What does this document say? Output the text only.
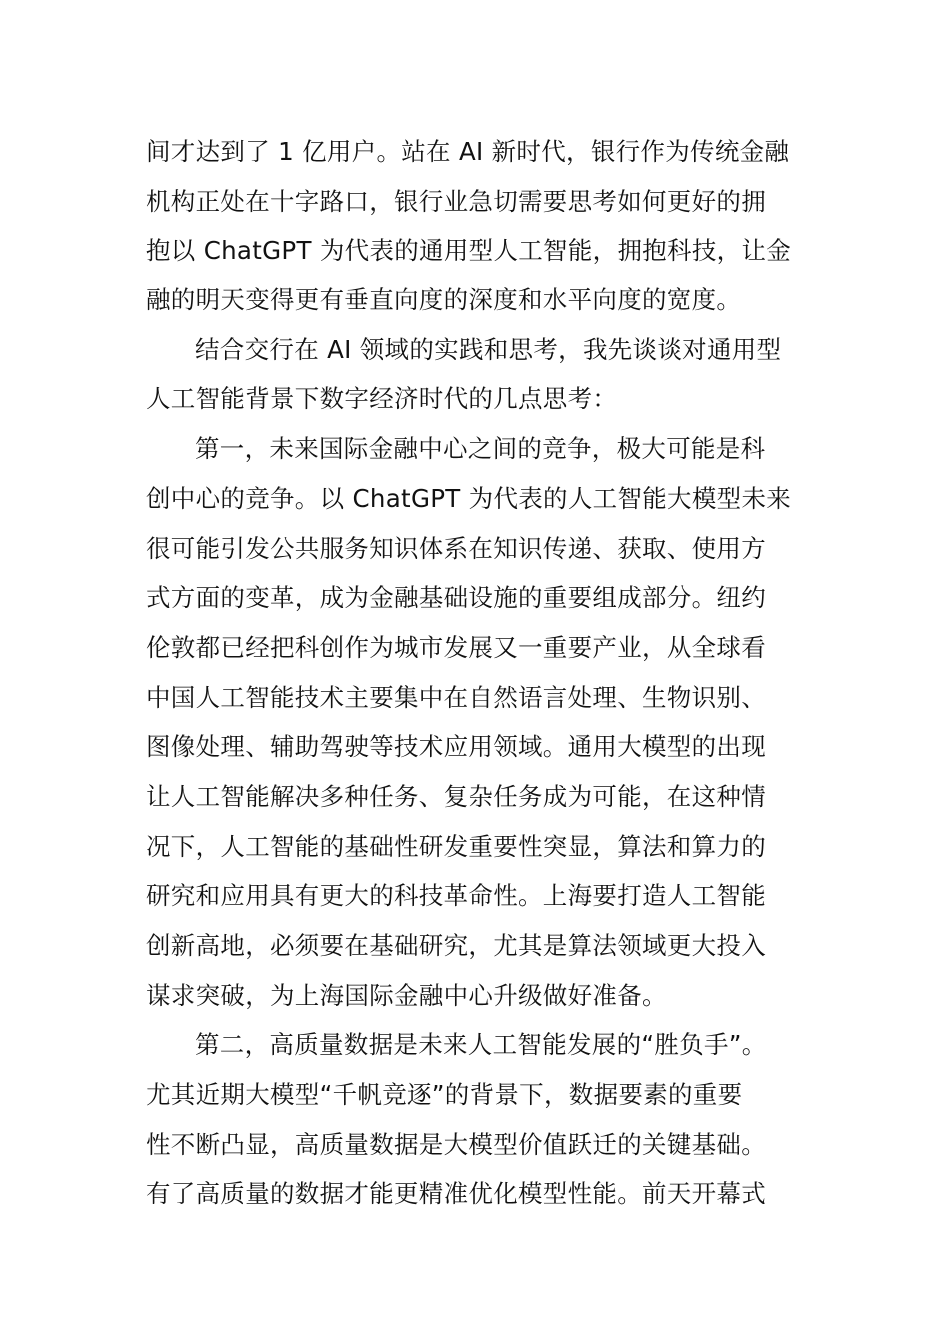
间才达到了 1 亿用户。站在 AI 新时代，银行作为传统金融
机构正处在十字路口，银行业急切需要思考如何更好的拥
抱以 ChatGPT 为代表的通用型人工智能，拥抱科技，让金
融的明天变得更有垂直向度的深度和水平向度的宽度。
结合交行在 AI 领域的实践和思考，我先谈谈对通用型
人工智能背景下数字经济时代的几点思考：
第一，未来国际金融中心之间的竞争，极大可能是科
创中心的竞争。以 ChatGPT 为代表的人工智能大模型未来
很可能引发公共服务知识体系在知识传递、获取、使用方
式方面的变革，成为金融基础设施的重要组成部分。纽约
伦敦都已经把科创作为城市发展又一重要产业，从全球看
中国人工智能技术主要集中在自然语言处理、生物识别、
图像处理、辅助驾驶等技术应用领域。通用大模型的出现
让人工智能解决多种任务、复杂任务成为可能，在这种情
况下，人工智能的基础性研发重要性突显，算法和算力的
研究和应用具有更大的科技革命性。上海要打造人工智能
创新高地，必须要在基础研究，尤其是算法领域更大投入
谋求突破，为上海国际金融中心升级做好准备。
第二，高质量数据是未来人工智能发展的“胜负手”。
尤其近期大模型“千帆竞逐”的背景下，数据要素的重要
性不断凸显，高质量数据是大模型价值跃迁的关键基础。
有了高质量的数据才能更精准优化模型性能。前天开幕式
